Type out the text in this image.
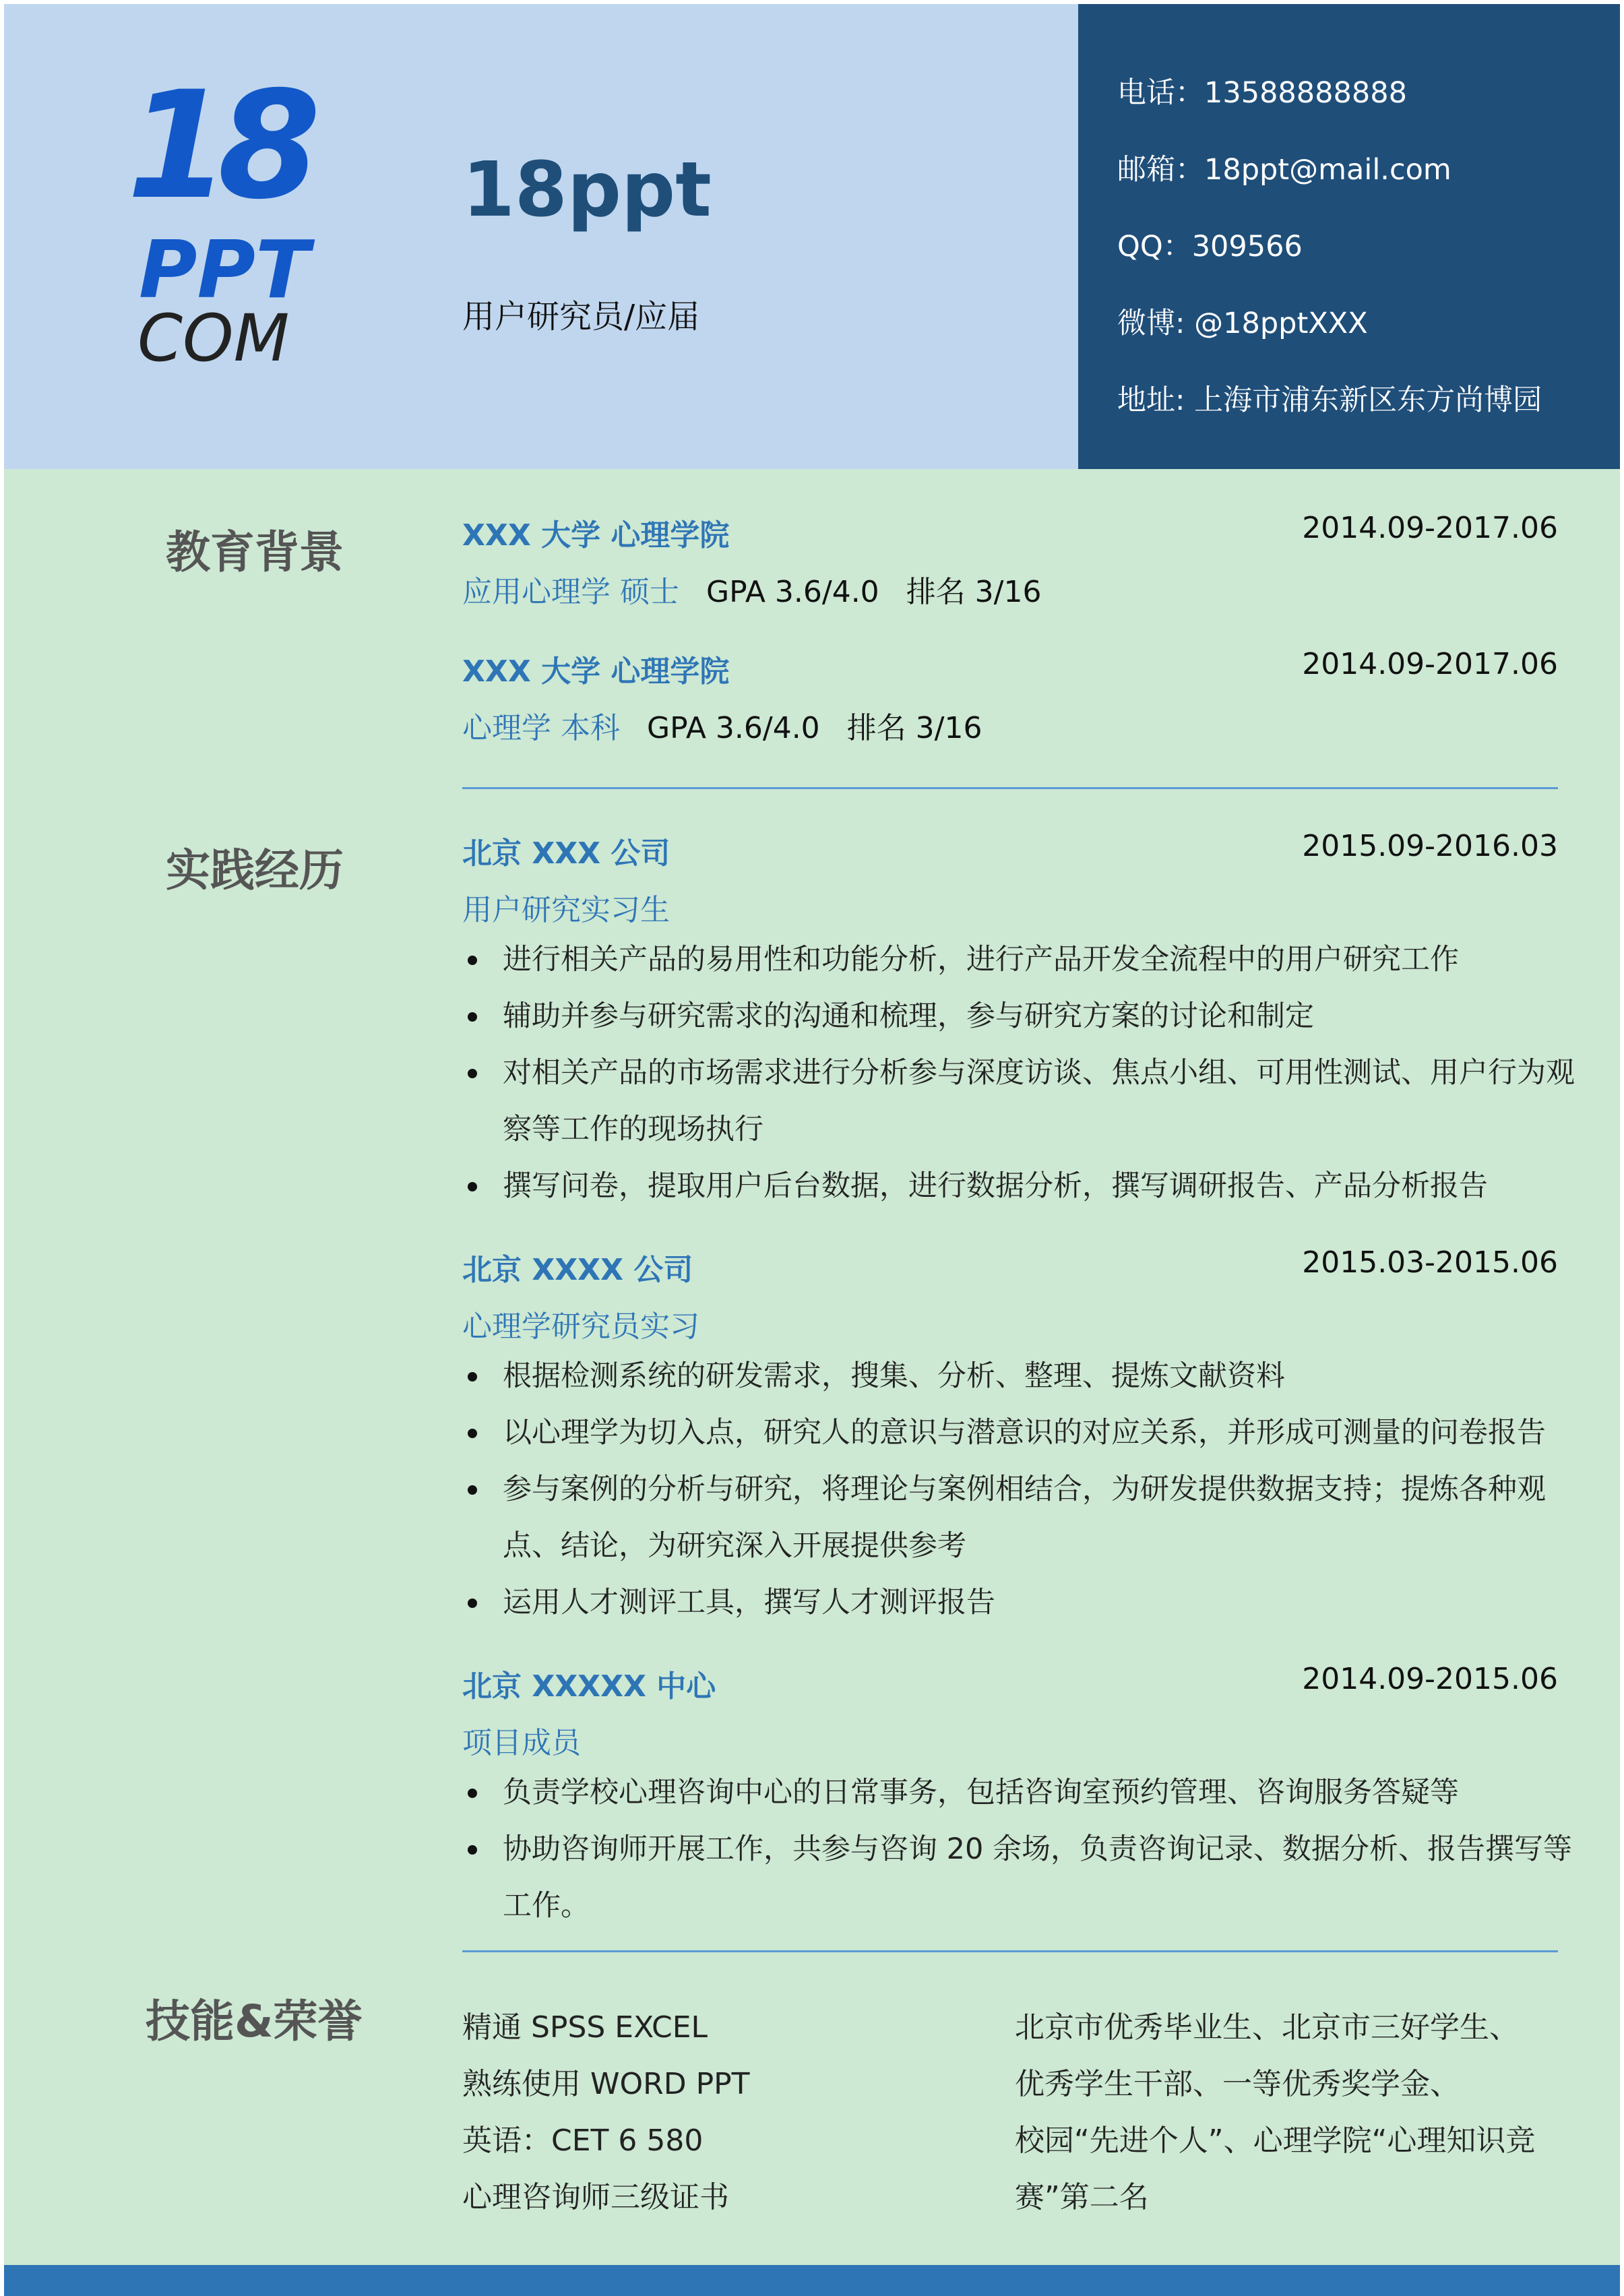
18
PPT
COM
18ppt
用户研究员/应届
电话：13588888888
邮箱：18ppt@mail.com
QQ：309566
微博: @18pptXXX
地址: 上海市浦东新区东方尚博园
教育背景	XXX 大学 心理学院	2014.09-2017.06
应用心理学 硕士 GPA 3.6/4.0 排名 3/16
XXX 大学 心理学院	2014.09-2017.06
心理学 本科 GPA 3.6/4.0 排名 3/16
实践经历	北京 XXX 公司	2015.09-2016.03
用户研究实习生
进行相关产品的易用性和功能分析，进行产品开发全流程中的用户研究工作
辅助并参与研究需求的沟通和梳理，参与研究方案的讨论和制定
对相关产品的市场需求进行分析参与深度访谈、焦点小组、可用性测试、用户行为观察等工作的现场执行
撰写问卷，提取用户后台数据，进行数据分析，撰写调研报告、产品分析报告
北京 XXXX 公司	2015.03-2015.06
心理学研究员实习
根据检测系统的研发需求，搜集、分析、整理、提炼文献资料
以心理学为切入点，研究人的意识与潜意识的对应关系，并形成可测量的问卷报告
参与案例的分析与研究，将理论与案例相结合，为研发提供数据支持；提炼各种观点、结论，为研究深入开展提供参考
运用人才测评工具，撰写人才测评报告
北京 XXXXX 中心	2014.09-2015.06
项目成员
负责学校心理咨询中心的日常事务，包括咨询室预约管理、咨询服务答疑等
协助咨询师开展工作，共参与咨询 20 余场，负责咨询记录、数据分析、报告撰写等工作。
技能&荣誉	精通 SPSS EXCEL
熟练使用 WORD PPT
英语：CET 6 580
心理咨询师三级证书
北京市优秀毕业生、北京市三好学生、
优秀学生干部、一等优秀奖学金、
校园“先进个人”、心理学院“心理知识竞
赛”第二名
